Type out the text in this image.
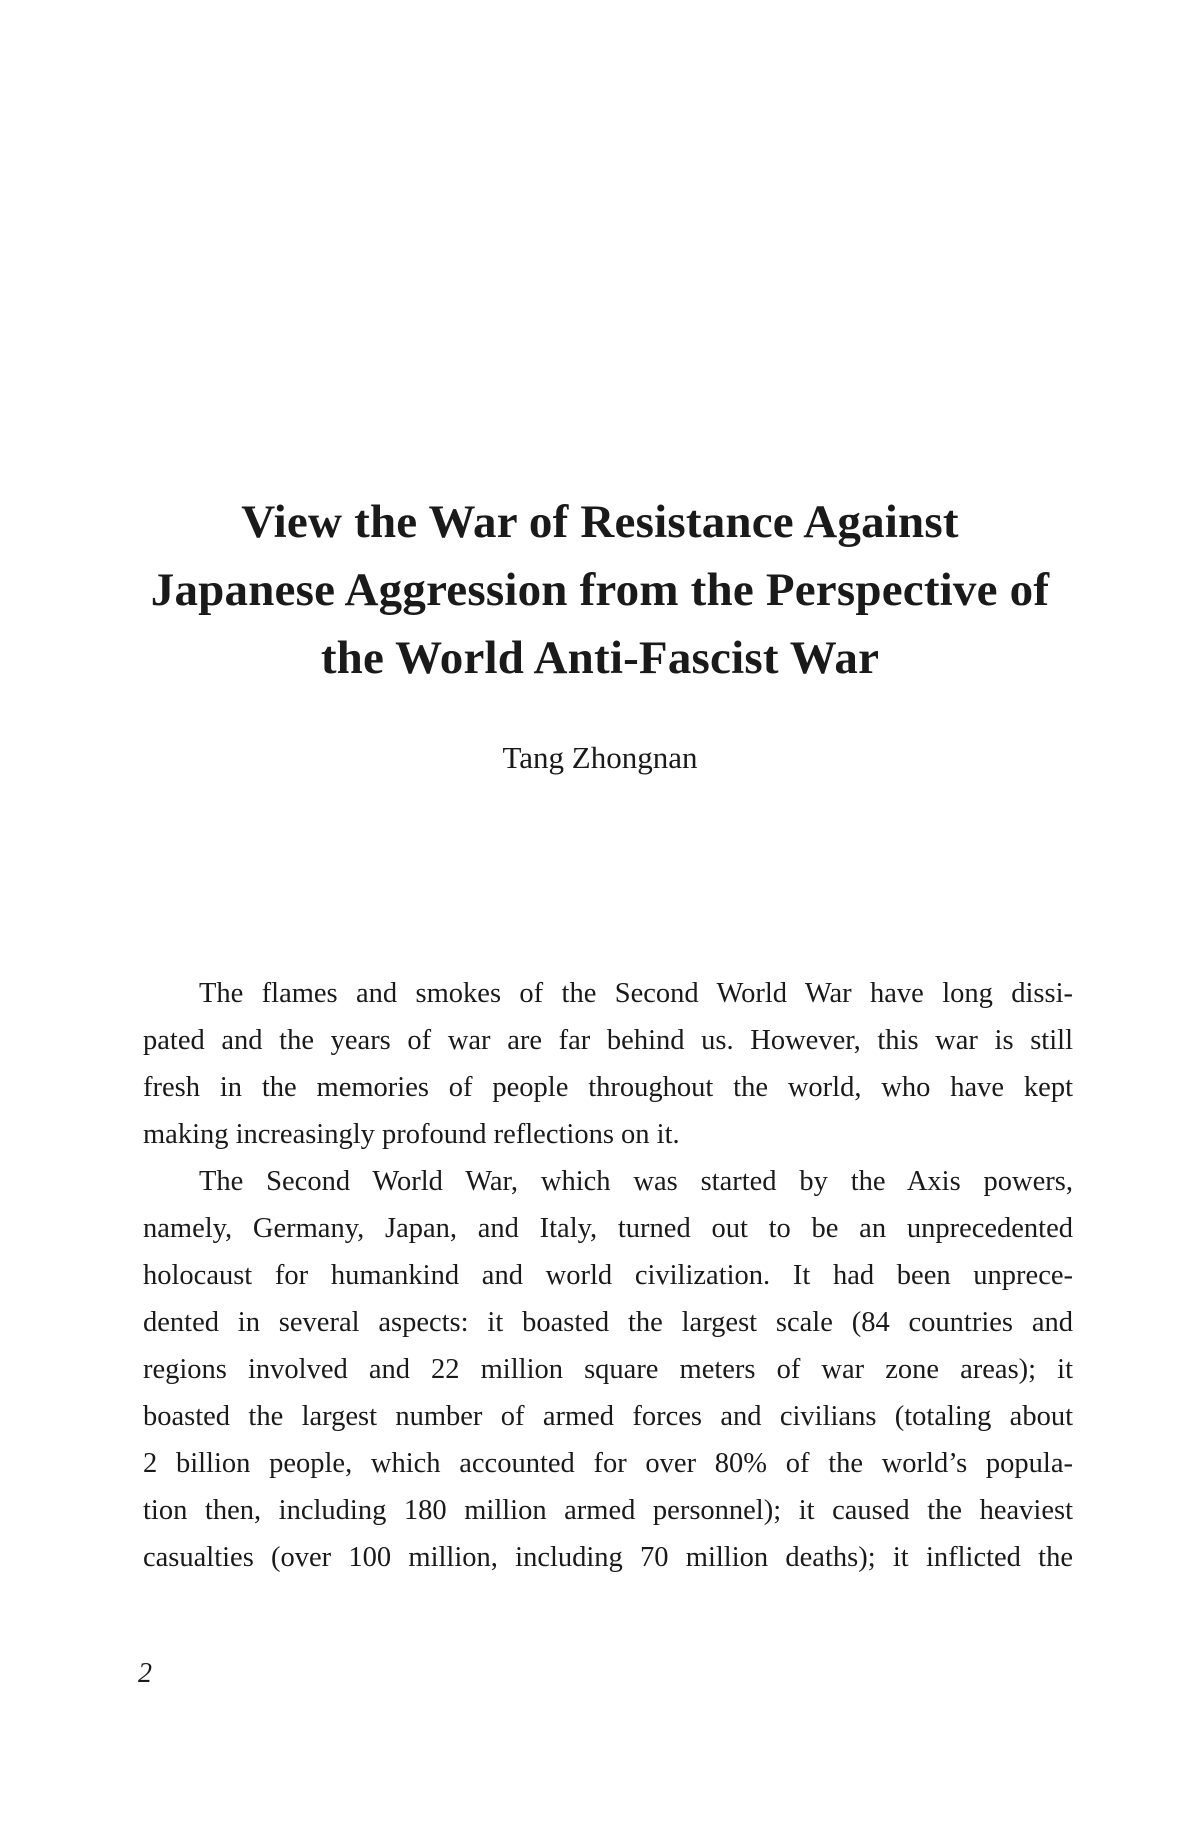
View the War of Resistance Against
Japanese Aggression from the Perspective of
the World Anti-Fascist War
Tang Zhongnan

The flames and smokes of the Second World War have long dissi-
pated and the years of war are far behind us. However, this war is still
fresh in the memories of people throughout the world, who have kept
making increasingly profound reflections on it.

The Second World War, which was started by the Axis powers,
namely, Germany, Japan, and Italy, turned out to be an unprecedented
holocaust for humankind and world civilization. It had been unprece-
dented in several aspects: it boasted the largest scale (84 countries and
regions involved and 22 million square meters of war zone areas); it
boasted the largest number of armed forces and civilians (totaling about
2 billion people, which accounted for over 80% of the world’s popula-
tion then, including 180 million armed personnel); it caused the heaviest
casualties (over 100 million, including 70 million deaths); it inflicted the

2
